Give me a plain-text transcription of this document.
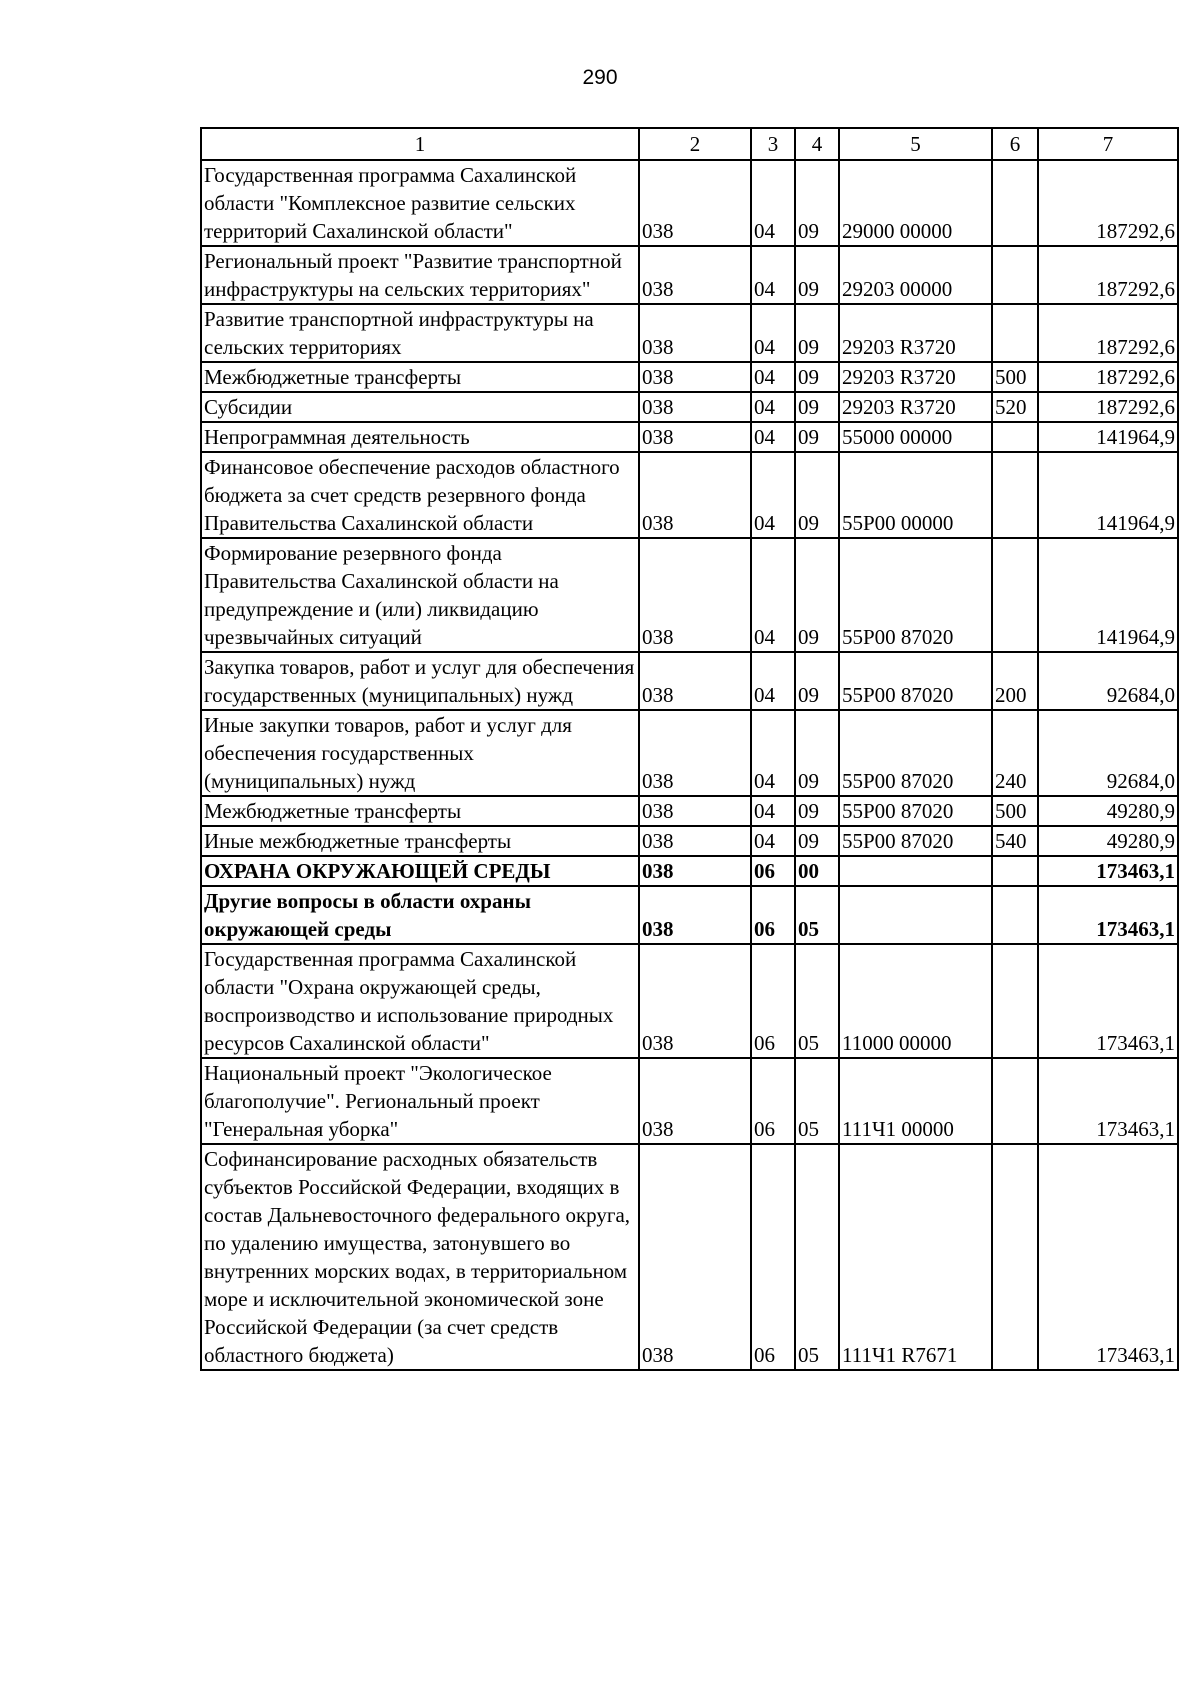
290
1	2	3	4	5	6	7
Государственная программа Сахалинской области "Комплексное развитие сельских территорий Сахалинской области"	038	04	09	29000 00000		187292,6
Региональный проект "Развитие транспортной инфраструктуры на сельских территориях"	038	04	09	29203 00000		187292,6
Развитие транспортной инфраструктуры на сельских территориях	038	04	09	29203 R3720		187292,6
Межбюджетные трансферты	038	04	09	29203 R3720	500	187292,6
Субсидии	038	04	09	29203 R3720	520	187292,6
Непрограммная деятельность	038	04	09	55000 00000		141964,9
Финансовое обеспечение расходов областного бюджета за счет средств резервного фонда Правительства Сахалинской области	038	04	09	55Р00 00000		141964,9
Формирование резервного фонда Правительства Сахалинской области на предупреждение и (или) ликвидацию чрезвычайных ситуаций	038	04	09	55Р00 87020		141964,9
Закупка товаров, работ и услуг для обеспечения государственных (муниципальных) нужд	038	04	09	55Р00 87020	200	92684,0
Иные закупки товаров, работ и услуг для обеспечения государственных (муниципальных) нужд	038	04	09	55Р00 87020	240	92684,0
Межбюджетные трансферты	038	04	09	55Р00 87020	500	49280,9
Иные межбюджетные трансферты	038	04	09	55Р00 87020	540	49280,9
ОХРАНА ОКРУЖАЮЩЕЙ СРЕДЫ	038	06	00			173463,1
Другие вопросы в области охраны окружающей среды	038	06	05			173463,1
Государственная программа Сахалинской области "Охрана окружающей среды, воспроизводство и использование природных ресурсов Сахалинской области"	038	06	05	11000 00000		173463,1
Национальный проект "Экологическое благополучие". Региональный проект "Генеральная уборка"	038	06	05	111Ч1 00000		173463,1
Софинансирование расходных обязательств субъектов Российской Федерации, входящих в состав Дальневосточного федерального округа, по удалению имущества, затонувшего во внутренних морских водах, в территориальном море и исключительной экономической зоне Российской Федерации (за счет средств областного бюджета)	038	06	05	111Ч1 R7671		173463,1
